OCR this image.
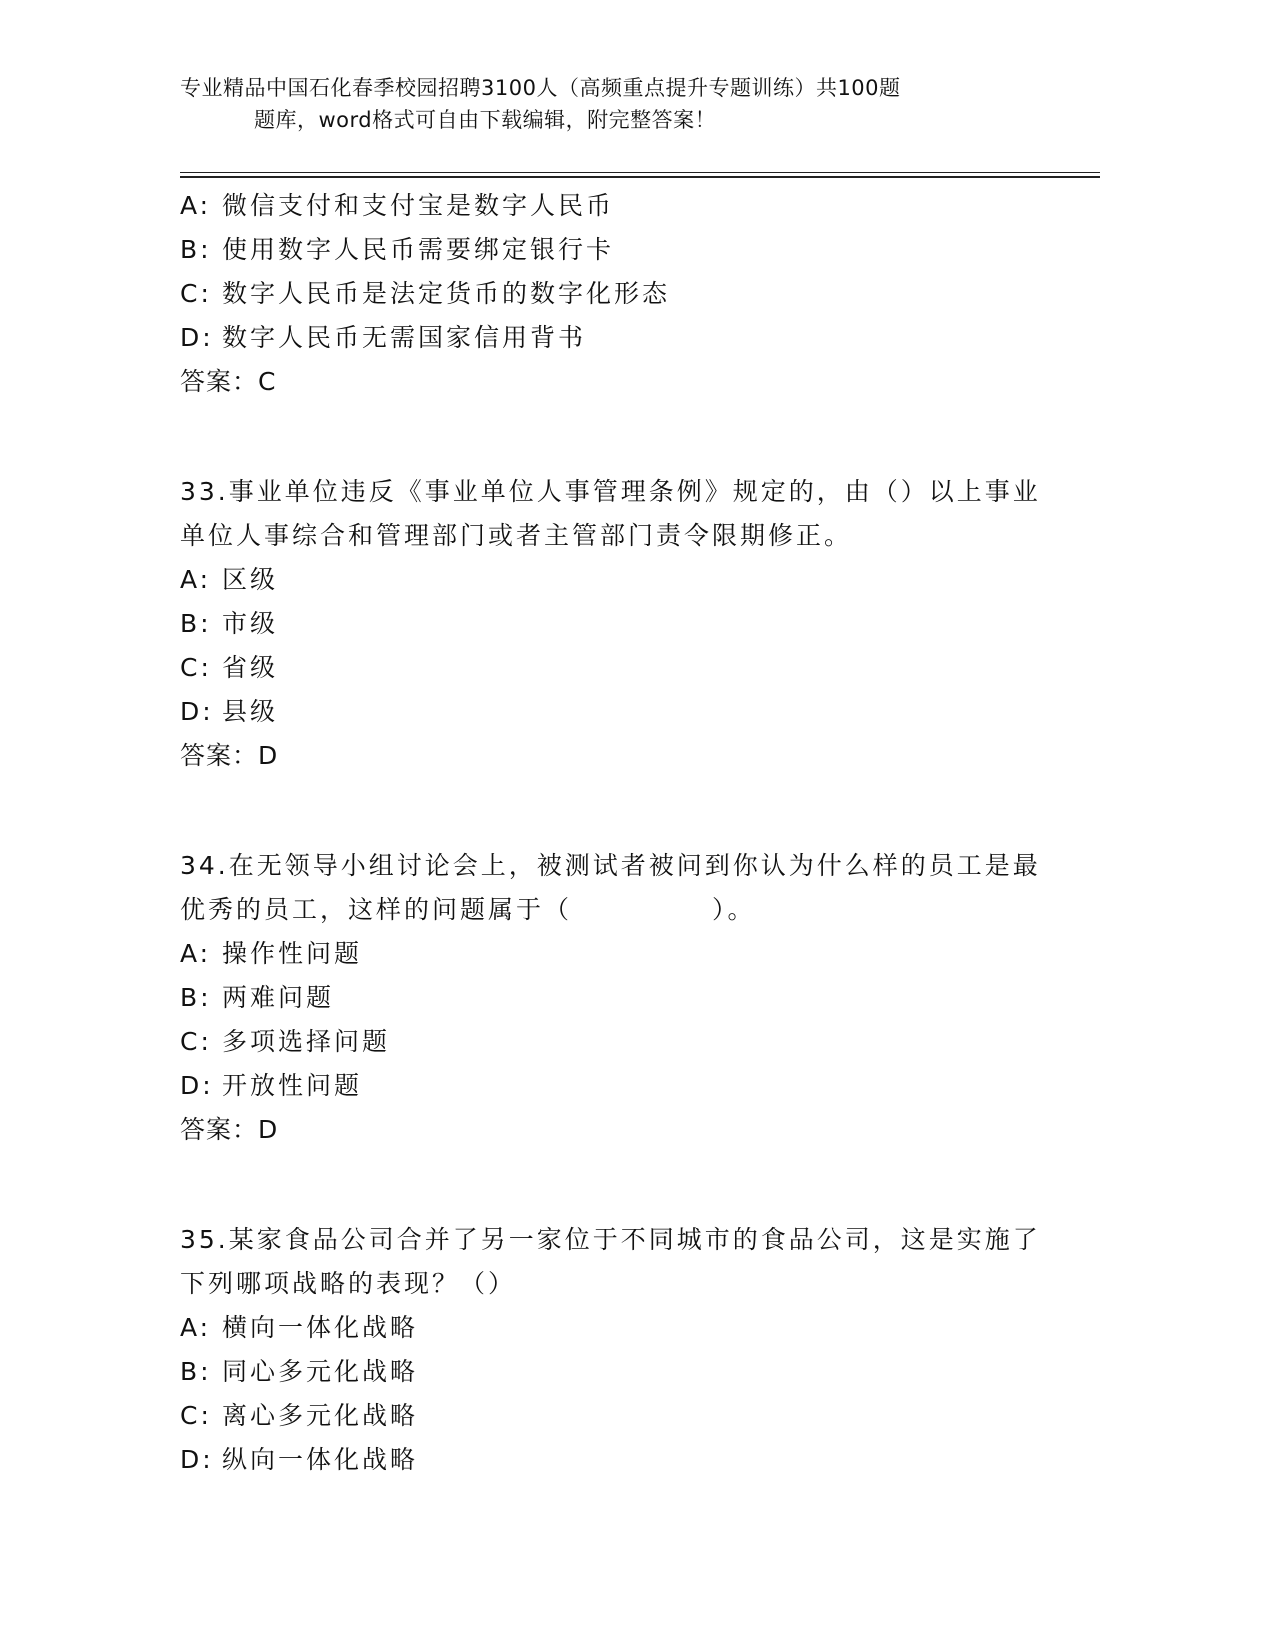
专业精品中国石化春季校园招聘3100人（高频重点提升专题训练）共100题
题库，word格式可自由下载编辑，附完整答案！
A: 微信支付和支付宝是数字人民币
B: 使用数字人民币需要绑定银行卡
C: 数字人民币是法定货币的数字化形态
D: 数字人民币无需国家信用背书
答案：C
33.事业单位违反《事业单位人事管理条例》规定的，由（）以上事业
单位人事综合和管理部门或者主管部门责令限期修正。
A: 区级
B: 市级
C: 省级
D: 县级
答案：D
34.在无领导小组讨论会上，被测试者被问到你认为什么样的员工是最
优秀的员工，这样的问题属于（　　　　　）。
A: 操作性问题
B: 两难问题
C: 多项选择问题
D: 开放性问题
答案：D
35.某家食品公司合并了另一家位于不同城市的食品公司，这是实施了
下列哪项战略的表现？（）
A: 横向一体化战略
B: 同心多元化战略
C: 离心多元化战略
D: 纵向一体化战略
